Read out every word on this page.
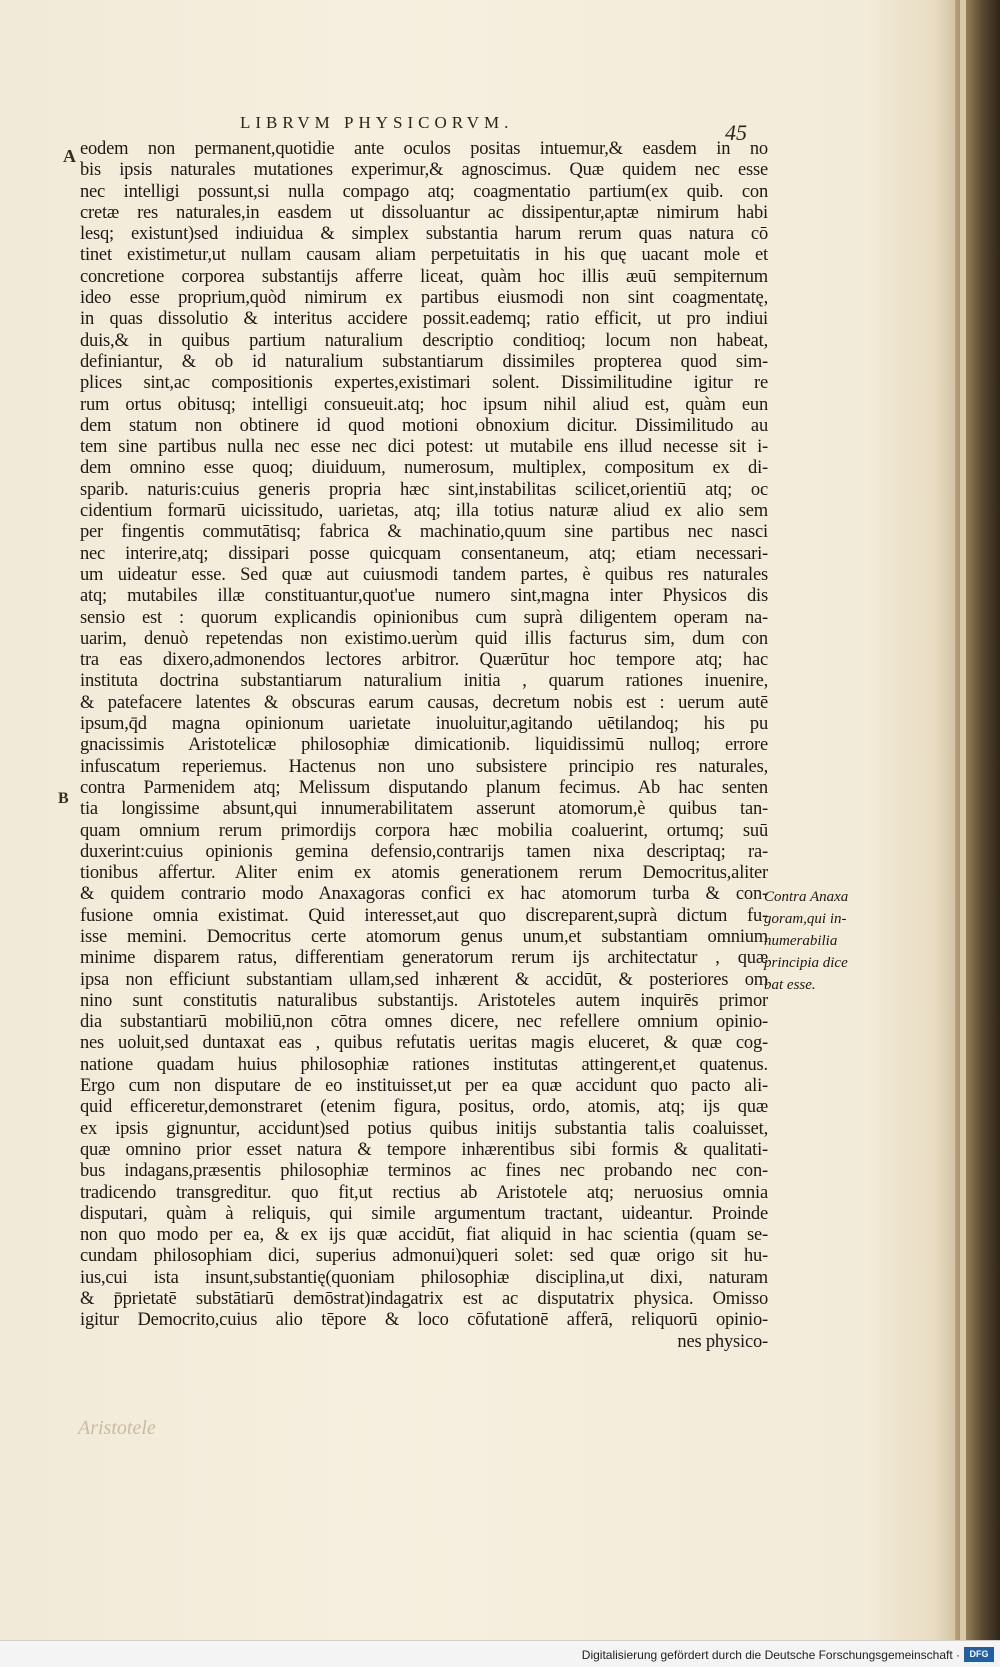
LIBRVM PHYSICORVM.	45
A
B
eodem non permanent,quotidie ante oculos positas intuemur,& easdem in no
bis ipsis naturales mutationes experimur,& agnoscimus. Quæ quidem nec esse
nec intelligi possunt,si nulla compago atq; coagmentatio partium(ex quib. con
cretæ res naturales,in easdem ut dissoluantur ac dissipentur,aptæ nimirum habi
lesq; existunt)sed indiuidua & simplex substantia harum rerum quas natura cō
tinet existimetur,ut nullam causam aliam perpetuitatis in his quę uacant mole et
concretione corporea substantijs afferre liceat, quàm hoc illis æuū sempiternum
ideo esse proprium,quòd nimirum ex partibus eiusmodi non sint coagmentatę,
in quas dissolutio & interitus accidere possit.eademq; ratio efficit, ut pro indiui
duis,& in quibus partium naturalium descriptio conditioq; locum non habeat,
definiantur, & ob id naturalium substantiarum dissimiles propterea quod sim-
plices sint,ac compositionis expertes,existimari solent. Dissimilitudine igitur re
rum ortus obitusq; intelligi consueuit.atq; hoc ipsum nihil aliud est, quàm eun
dem statum non obtinere id quod motioni obnoxium dicitur. Dissimilitudo au
tem sine partibus nulla nec esse nec dici potest: ut mutabile ens illud necesse sit i-
dem omnino esse quoq; diuiduum, numerosum, multiplex, compositum ex di-
sparib. naturis:cuius generis propria hæc sint,instabilitas scilicet,orientiū atq; oc
cidentium formarū uicissitudo, uarietas, atq; illa totius naturæ aliud ex alio sem
per fingentis commutātisq; fabrica & machinatio,quum sine partibus nec nasci
nec interire,atq; dissipari posse quicquam consentaneum, atq; etiam necessari-
um uideatur esse. Sed quæ aut cuiusmodi tandem partes, è quibus res naturales
atq; mutabiles illæ constituantur,quot'ue numero sint,magna inter Physicos dis
sensio est : quorum explicandis opinionibus cum suprà diligentem operam na-
uarim, denuò repetendas non existimo.uerùm quid illis facturus sim, dum con
tra eas dixero,admonendos lectores arbitror. Quærūtur hoc tempore atq; hac
instituta doctrina substantiarum naturalium initia , quarum rationes inuenire,
& patefacere latentes & obscuras earum causas, decretum nobis est : uerum autē
ipsum,q̄d magna opinionum uarietate inuoluitur,agitando uētilandoq; his pu
gnacissimis Aristotelicæ philosophiæ dimicationib. liquidissimū nulloq; errore
infuscatum reperiemus. Hactenus non uno subsistere principio res naturales,
contra Parmenidem atq; Melissum disputando planum fecimus. Ab hac senten
tia longissime absunt,qui innumerabilitatem asserunt atomorum,è quibus tan-
quam omnium rerum primordijs corpora hæc mobilia coaluerint, ortumq; suū
duxerint:cuius opinionis gemina defensio,contrarijs tamen nixa descriptaq; ra-
tionibus affertur. Aliter enim ex atomis generationem rerum Democritus,aliter
& quidem contrario modo Anaxagoras confici ex hac atomorum turba & con-
fusione omnia existimat. Quid interesset,aut quo discreparent,suprà dictum fu-
isse memini. Democritus certe atomorum genus unum,et substantiam omnium
minime disparem ratus, differentiam generatorum rerum ijs architectatur , quæ
ipsa non efficiunt substantiam ullam,sed inhærent & accidūt, & posteriores om
nino sunt constitutis naturalibus substantijs. Aristoteles autem inquirēs primor
dia substantiarū mobiliū,non cōtra omnes dicere, nec refellere omnium opinio-
nes uoluit,sed duntaxat eas , quibus refutatis ueritas magis eluceret, & quæ cog-
natione quadam huius philosophiæ rationes institutas attingerent,et quatenus.
Ergo cum non disputare de eo instituisset,ut per ea quæ accidunt quo pacto ali-
quid efficeretur,demonstraret (etenim figura, positus, ordo, atomis, atq; ijs quæ
ex ipsis gignuntur, accidunt)sed potius quibus initijs substantia talis coaluisset,
quæ omnino prior esset natura & tempore inhærentibus sibi formis & qualitati-
bus indagans,præsentis philosophiæ terminos ac fines nec probando nec con-
tradicendo transgreditur. quo fit,ut rectius ab Aristotele atq; neruosius omnia
disputari, quàm à reliquis, qui simile argumentum tractant, uideantur. Proinde
non quo modo per ea, & ex ijs quæ accidūt, fiat aliquid in hac scientia (quam se-
cundam philosophiam dici, superius admonui)queri solet: sed quæ origo sit hu-
ius,cui ista insunt,substantię(quoniam philosophiæ disciplina,ut dixi, naturam
& p̄prietatē substātiarū demōstrat)indagatrix est ac disputatrix physica. Omisso
igitur Democrito,cuius alio tēpore & loco cōfutationē afferā, reliquorū opinio-
nes physico-
Contra Anaxa
goram,qui in-
numerabilia
principia dice
bat esse.
Aristotele
Digitalisierung gefördert durch die Deutsche Forschungsgemeinschaft ·	DFG
